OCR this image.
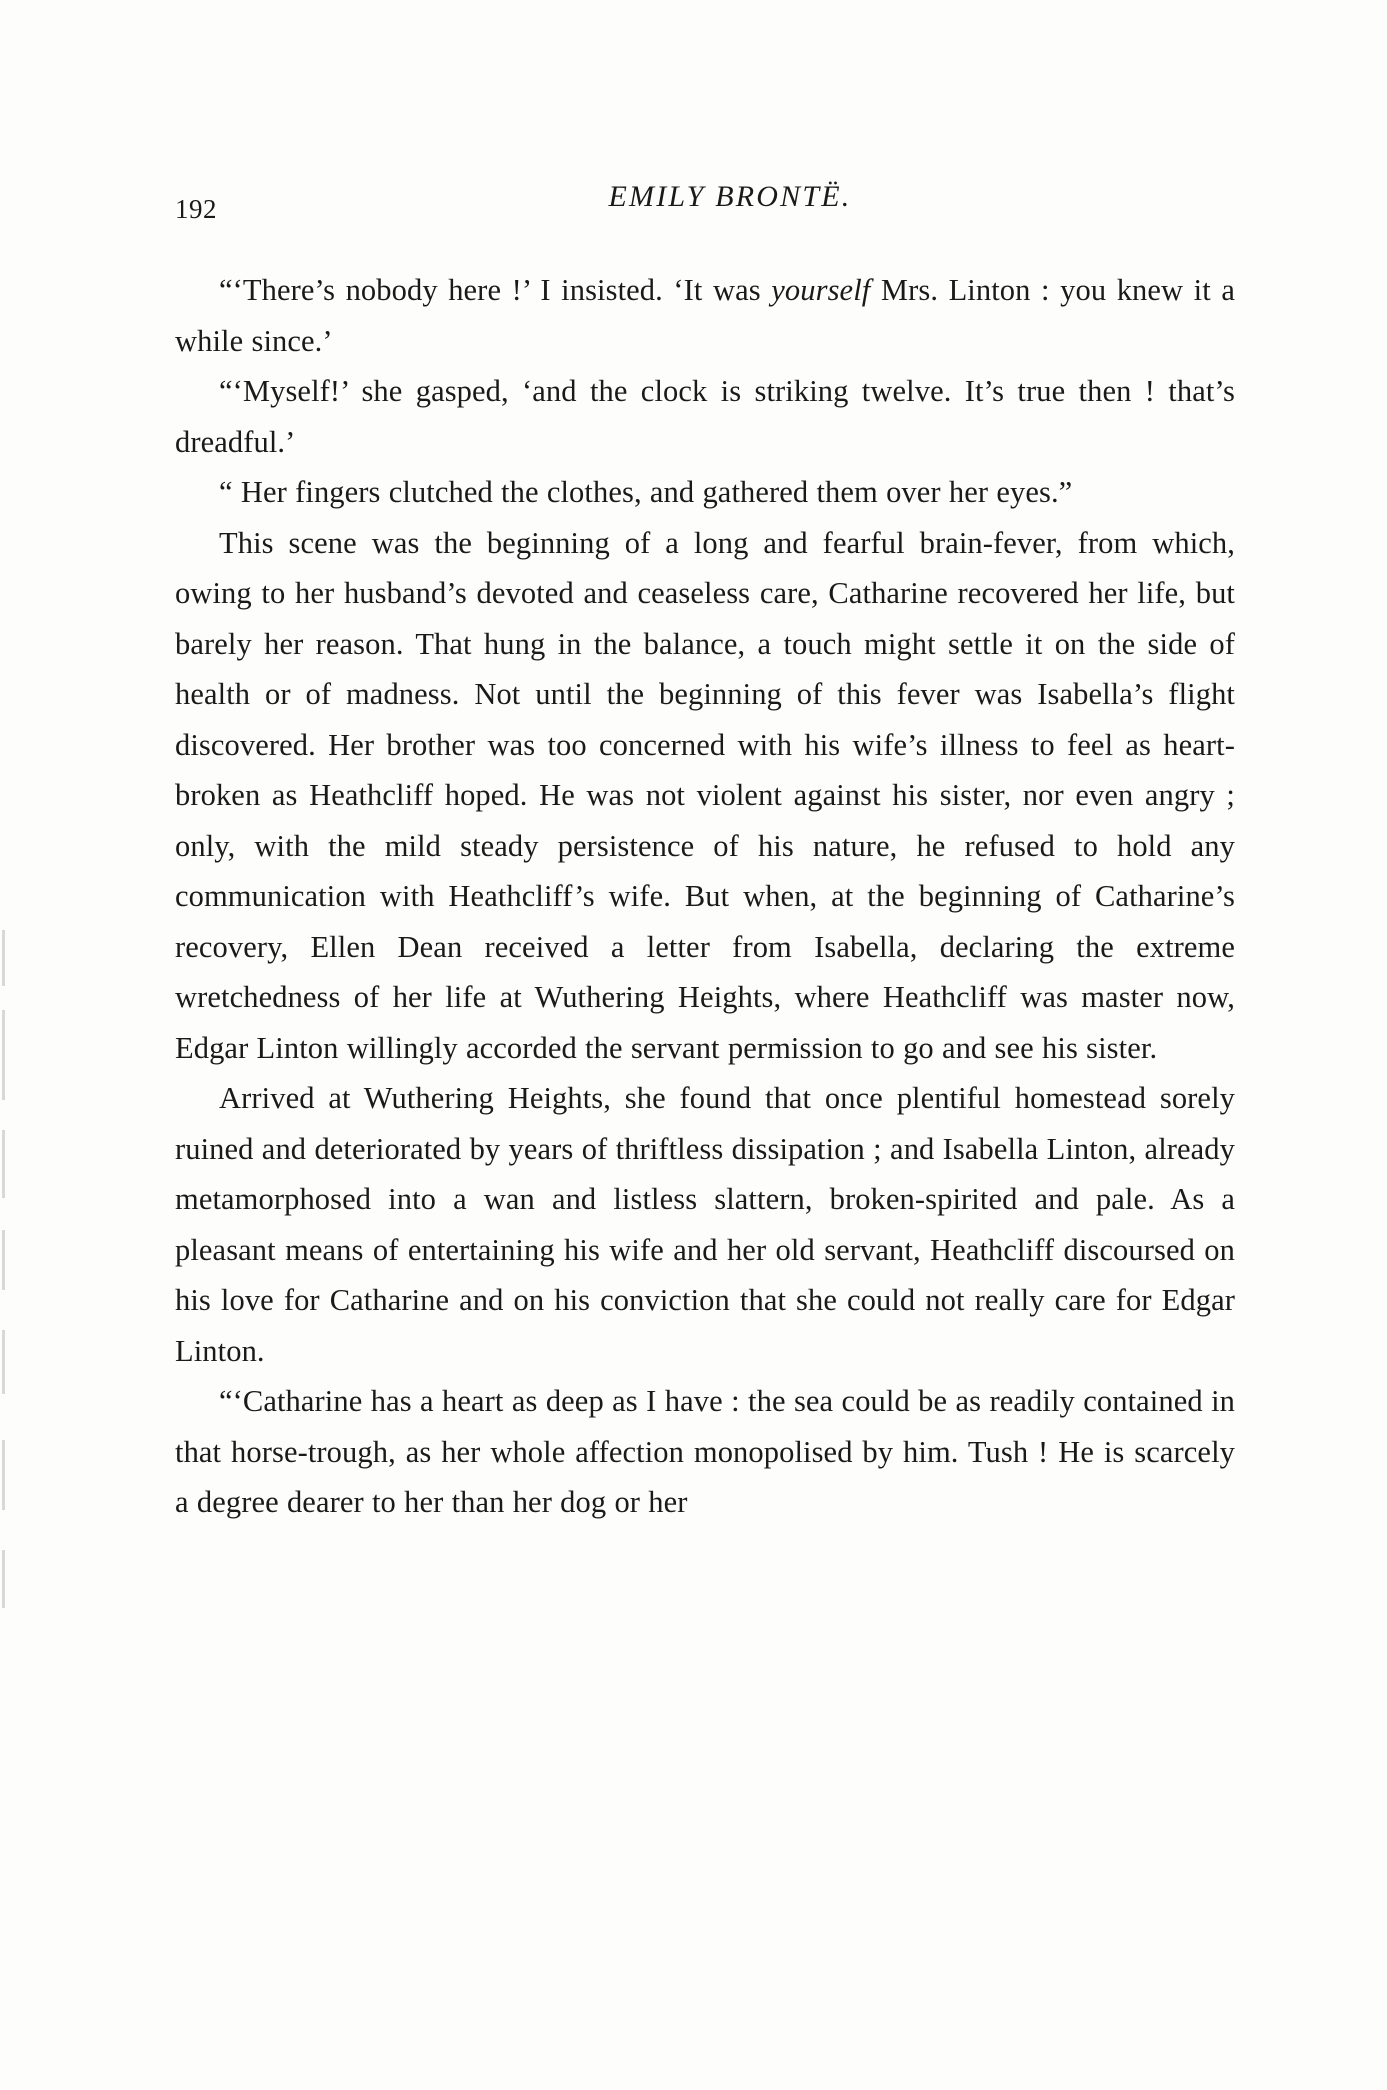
192	EMILY BRONTË.

“‘There’s nobody here !’ I insisted. ‘It was yourself Mrs. Linton : you knew it a while since.’

“‘Myself!’ she gasped, ‘and the clock is striking twelve. It’s true then ! that’s dreadful.’

“ Her fingers clutched the clothes, and gathered them over her eyes.”

This scene was the beginning of a long and fearful brain-fever, from which, owing to her husband’s devoted and ceaseless care, Catharine recovered her life, but barely her reason. That hung in the balance, a touch might settle it on the side of health or of madness. Not until the beginning of this fever was Isabella’s flight discovered. Her brother was too concerned with his wife’s illness to feel as heart-broken as Heathcliff hoped. He was not violent against his sister, nor even angry ; only, with the mild steady persistence of his nature, he refused to hold any communication with Heathcliff’s wife. But when, at the beginning of Catharine’s recovery, Ellen Dean received a letter from Isabella, declaring the extreme wretchedness of her life at Wuthering Heights, where Heathcliff was master now, Edgar Linton willingly accorded the servant permission to go and see his sister.

Arrived at Wuthering Heights, she found that once plentiful homestead sorely ruined and deteriorated by years of thriftless dissipation ; and Isabella Linton, already metamorphosed into a wan and listless slattern, broken-spirited and pale. As a pleasant means of entertaining his wife and her old servant, Heathcliff discoursed on his love for Catharine and on his conviction that she could not really care for Edgar Linton.

“‘Catharine has a heart as deep as I have : the sea could be as readily contained in that horse-trough, as her whole affection monopolised by him. Tush ! He is scarcely a degree dearer to her than her dog or her
